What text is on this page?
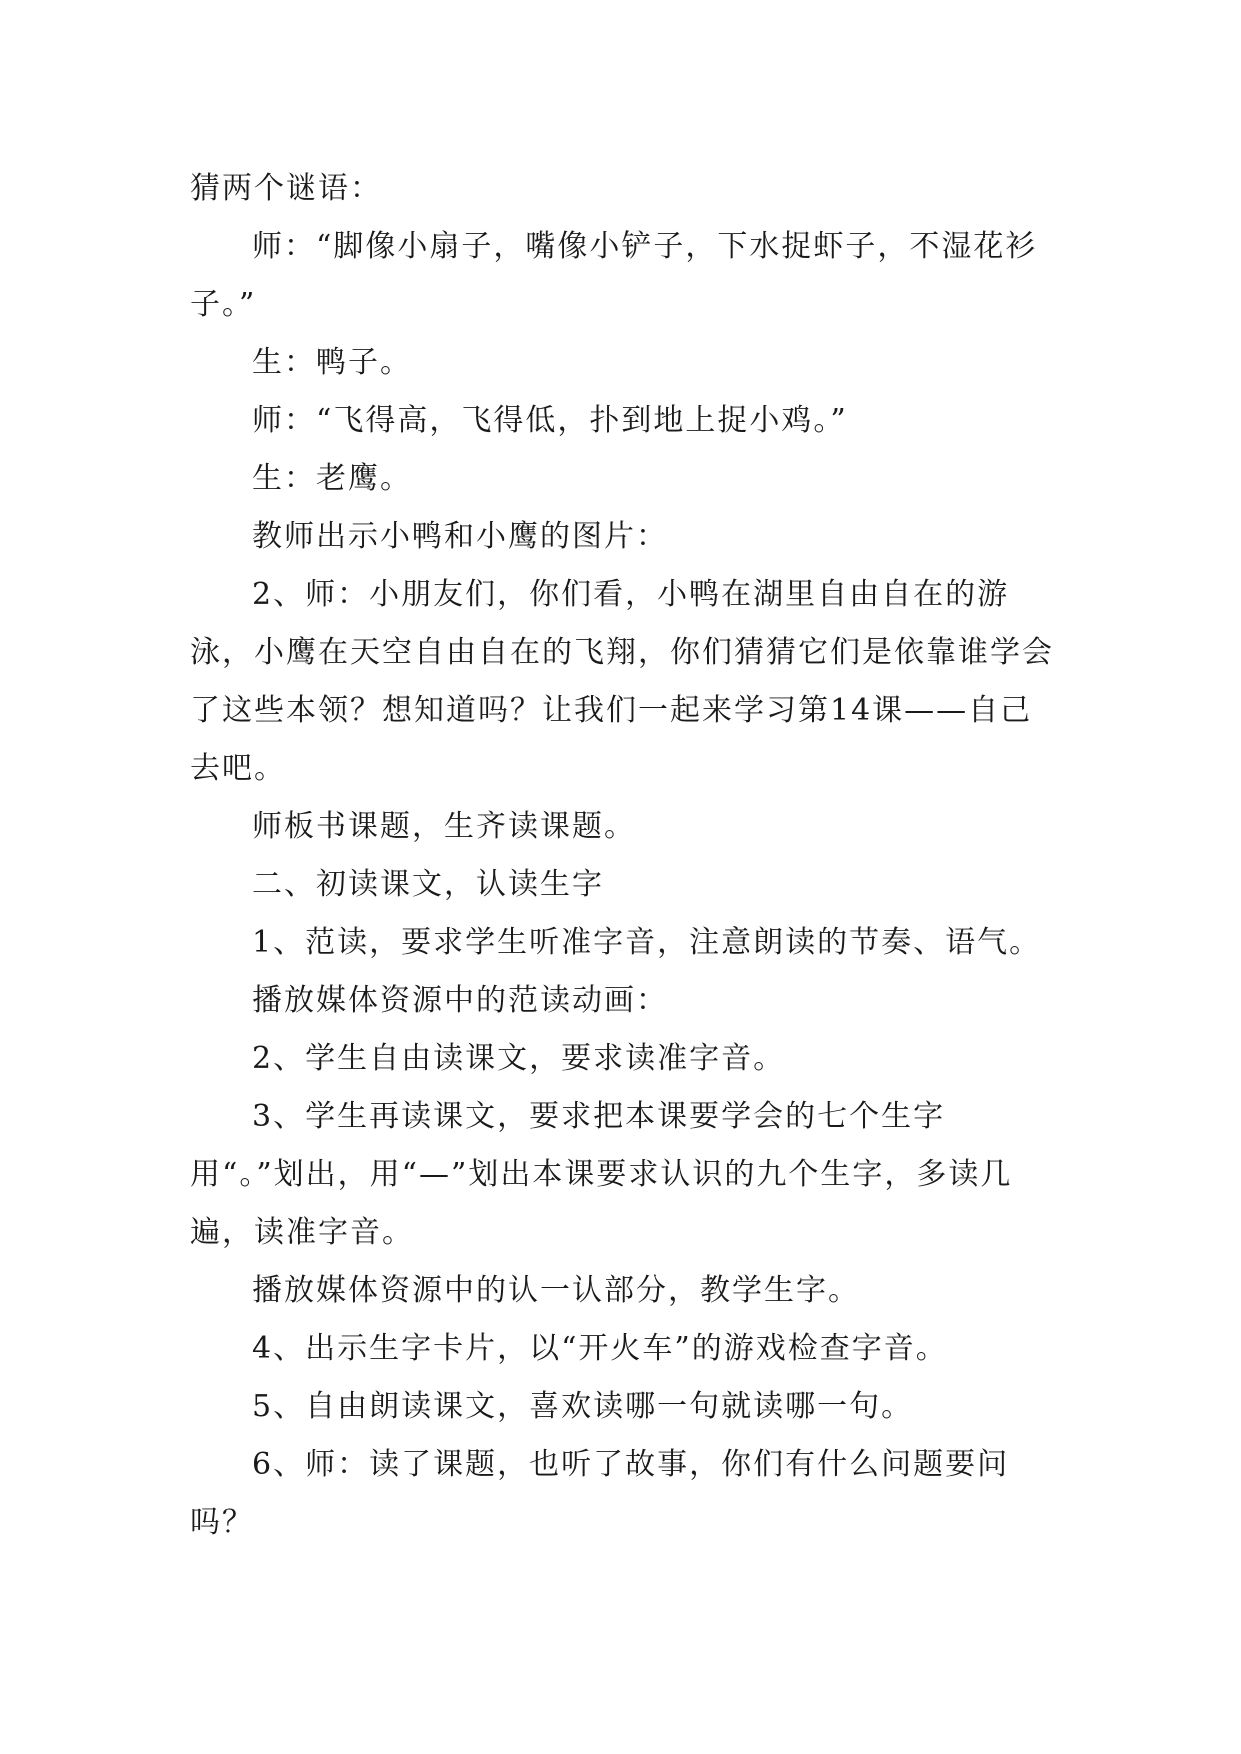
猜两个谜语：

师：“脚像小扇子，嘴像小铲子，下水捉虾子，不湿花衫子。”

生：鸭子。

师：“飞得高，飞得低，扑到地上捉小鸡。”

生：老鹰。

教师出示小鸭和小鹰的图片：

2、师：小朋友们，你们看，小鸭在湖里自由自在的游泳，小鹰在天空自由自在的飞翔，你们猜猜它们是依靠谁学会了这些本领？想知道吗？让我们一起来学习第14课——自己去吧。

师板书课题，生齐读课题。

二、初读课文，认读生字

1、范读，要求学生听准字音，注意朗读的节奏、语气。

播放媒体资源中的范读动画：

2、学生自由读课文，要求读准字音。

3、学生再读课文，要求把本课要学会的七个生字用“。”划出，用“—”划出本课要求认识的九个生字，多读几遍，读准字音。

播放媒体资源中的认一认部分，教学生字。

4、出示生字卡片，以“开火车”的游戏检查字音。

5、自由朗读课文，喜欢读哪一句就读哪一句。

6、师：读了课题，也听了故事，你们有什么问题要问吗？
